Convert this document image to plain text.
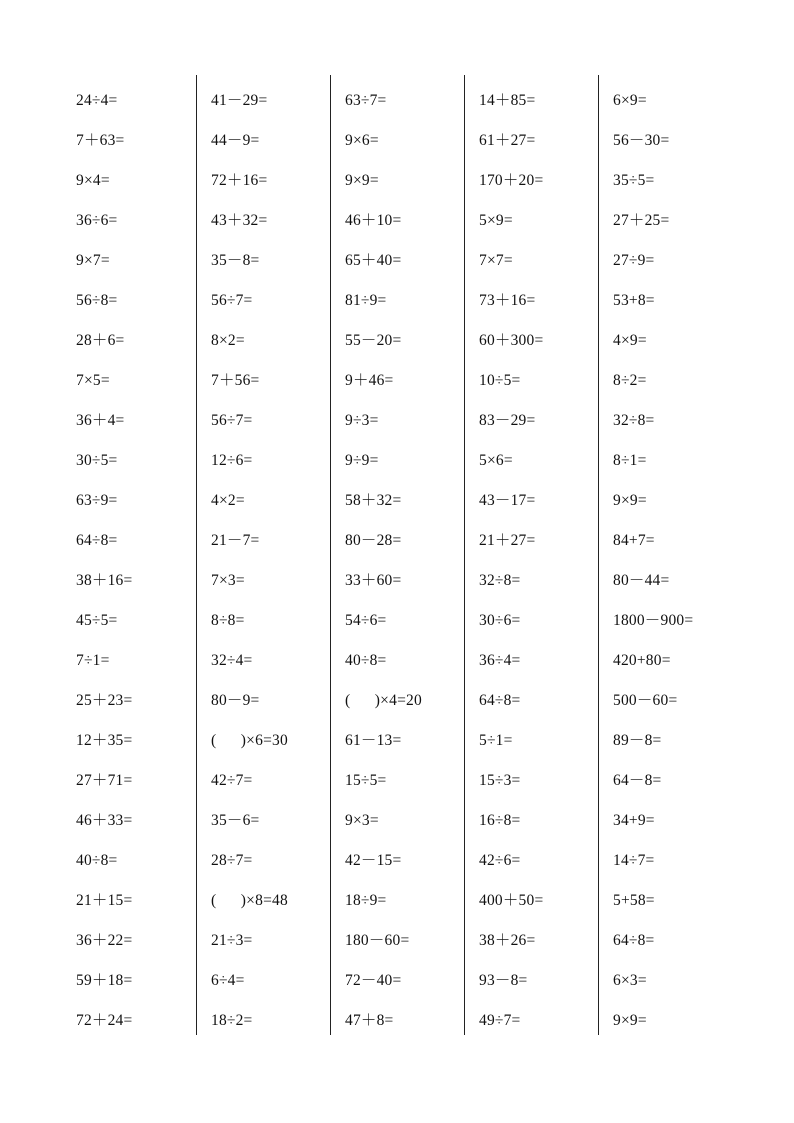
24÷4=
7＋63=
9×4=
36÷6=
9×7=
56÷8=
28＋6=
7×5=
36＋4=
30÷5=
63÷9=
64÷8=
38＋16=
45÷5=
7÷1=
25＋23=
12＋35=
27＋71=
46＋33=
40÷8=
21＋15=
36＋22=
59＋18=
72＋24=
41－29=
44－9=
72＋16=
43＋32=
35－8=
56÷7=
8×2=
7＋56=
56÷7=
12÷6=
4×2=
21－7=
7×3=
8÷8=
32÷4=
80－9=
(      )×6=30
42÷7=
35－6=
28÷7=
(      )×8=48
21÷3=
6÷4=
18÷2=
63÷7=
9×6=
9×9=
46＋10=
65＋40=
81÷9=
55－20=
9＋46=
9÷3=
9÷9=
58＋32=
80－28=
33＋60=
54÷6=
40÷8=
(      )×4=20
61－13=
15÷5=
9×3=
42－15=
18÷9=
180－60=
72－40=
47＋8=
14＋85=
61＋27=
170＋20=
5×9=
7×7=
73＋16=
60＋300=
10÷5=
83－29=
5×6=
43－17=
21＋27=
32÷8=
30÷6=
36÷4=
64÷8=
5÷1=
15÷3=
16÷8=
42÷6=
400＋50=
38＋26=
93－8=
49÷7=
6×9=
56－30=
35÷5=
27＋25=
27÷9=
53+8=
4×9=
8÷2=
32÷8=
8÷1=
9×9=
84+7=
80－44=
1800－900=
420+80=
500－60=
89－8=
64－8=
34+9=
14÷7=
5+58=
64÷8=
6×3=
9×9=
